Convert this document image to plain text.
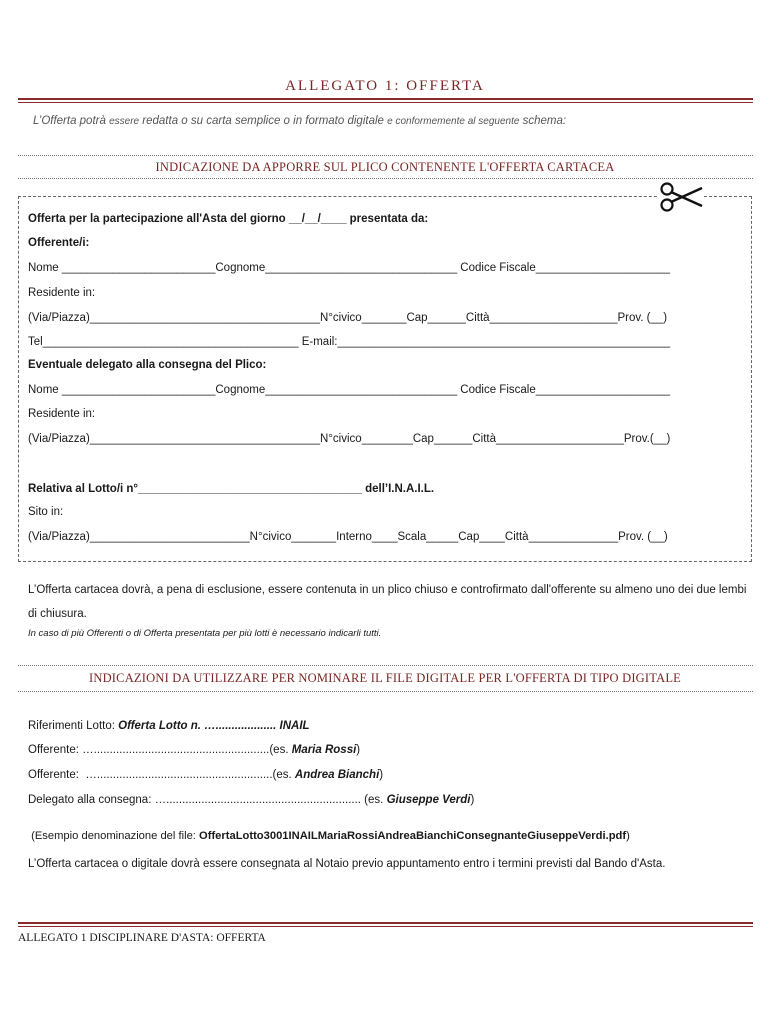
ALLEGATO 1: OFFERTA
L’Offerta potrà essere redatta o su carta semplice o in formato digitale e conformemente al seguente schema:
INDICAZIONE DA APPORRE SUL PLICO CONTENENTE L'OFFERTA CARTACEA
Offerta per la partecipazione all'Asta del giorno __/__/____ presentata da:
Offerente/i:
Nome ________________________Cognome______________________________ Codice Fiscale_____________________
Residente in:
(Via/Piazza)____________________________________N°civico_______Cap______Città____________________Prov. (__)
Tel________________________________________ E-mail:____________________________________________________
Eventuale delegato alla consegna del Plico:
Nome ________________________Cognome______________________________ Codice Fiscale_____________________
Residente in:
(Via/Piazza)____________________________________N°civico________Cap______Città____________________Prov.(__)
Relativa al Lotto/i n°___________________________________ dell’I.N.A.I.L.
Sito in:
(Via/Piazza)_________________________N°civico_______Interno____Scala_____Cap____Città______________Prov. (__)
L’Offerta cartacea dovrà, a pena di esclusione, essere contenuta in un plico chiuso e controfirmato dall'offerente su almeno uno dei due lembi di chiusura.
In caso di più Offerenti o di Offerta presentata per più lotti è necessario indicarli tutti.
INDICAZIONI DA UTILIZZARE PER NOMINARE IL FILE DIGITALE PER L'OFFERTA DI TIPO DIGITALE
Riferimenti Lotto: Offerta Lotto n. …................... INAIL
Offerente: ….......................................................(es. Maria Rossi)
Offerente:  ….......................................................(es. Andrea Bianchi)
Delegato alla consegna: …............................................................. (es. Giuseppe Verdi)
(Esempio denominazione del file: OffertaLotto3001INAILMariaRossiAndreaBianchiConsegnanteGiuseppeVerdi.pdf)
L’Offerta cartacea o digitale dovrà essere consegnata al Notaio previo appuntamento entro i termini previsti dal Bando d'Asta.
ALLEGATO 1 DISCIPLINARE D'ASTA: OFFERTA
